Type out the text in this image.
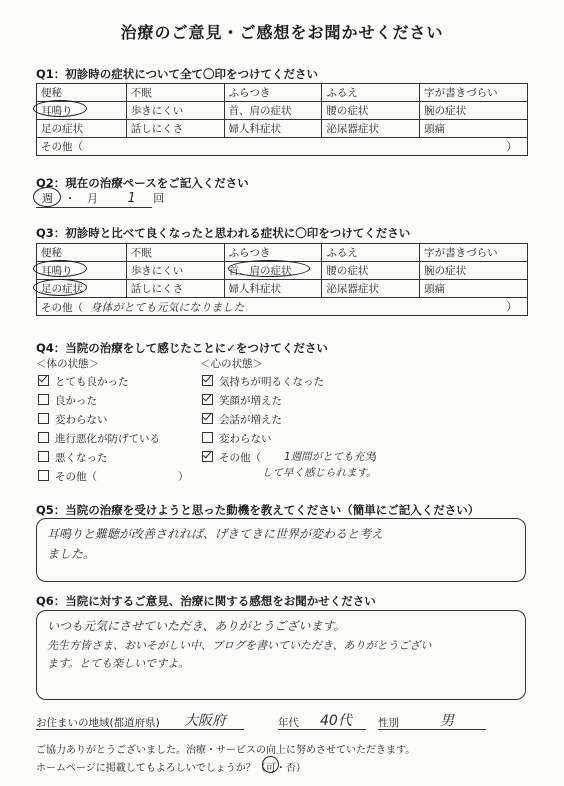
治療のご意見・ご感想をお聞かせください
Q1：初診時の症状について全て〇印をつけてください
便秘	不眠	ふらつき	ふるえ	字が書きづらい
耳鳴り	歩きにくい	首、肩の症状	腰の症状	腕の症状
足の症状	話しにくさ	婦人科症状	泌尿器症状	頭痛
その他（ ）				
Q2：現在の治療ペースをご記入ください
週 ・ 月 1 回
Q3：初診時と比べて良くなったと思われる症状に〇印をつけてください
便秘	不眠	ふらつき	ふるえ	字が書きづらい
耳鳴り	歩きにくい	首、肩の症状	腰の症状	腕の症状
足の症状	話しにくさ	婦人科症状	泌尿器症状	頭痛
その他（ 身体がとても元気になりました ）				
Q4：当院の治療をして感じたことに✓をつけてください
＜体の状態＞	＜心の状態＞
とても良かった
良かった
変わらない
進行悪化が防げている
悪くなった
その他（	）
気持ちが明るくなった
笑顔が増えた
会話が増えた
変わらない
その他（ 1週間がとても充実
）
して早く感じられます。
Q5：当院の治療を受けようと思った動機を教えてください（簡単にご記入ください）
耳鳴りと難聴が改善されれば、げきてきに世界が変わると考え
ました。
Q6：当院に対するご意見、治療に関する感想をお聞かせください
いつも元気にさせていただき、ありがとうございます。
先生方皆さま、おいそがしい中、ブログを書いていただき、ありがとうござい
ます。とても楽しいですよ。
お住まいの地域(都道府県) 大阪府	年代 40代 性別	男
ご協力ありがとうございました。治療・サービスの向上に努めさせていただきます。
ホームページに掲載してもよろしいでしょうか？（可
・否）
